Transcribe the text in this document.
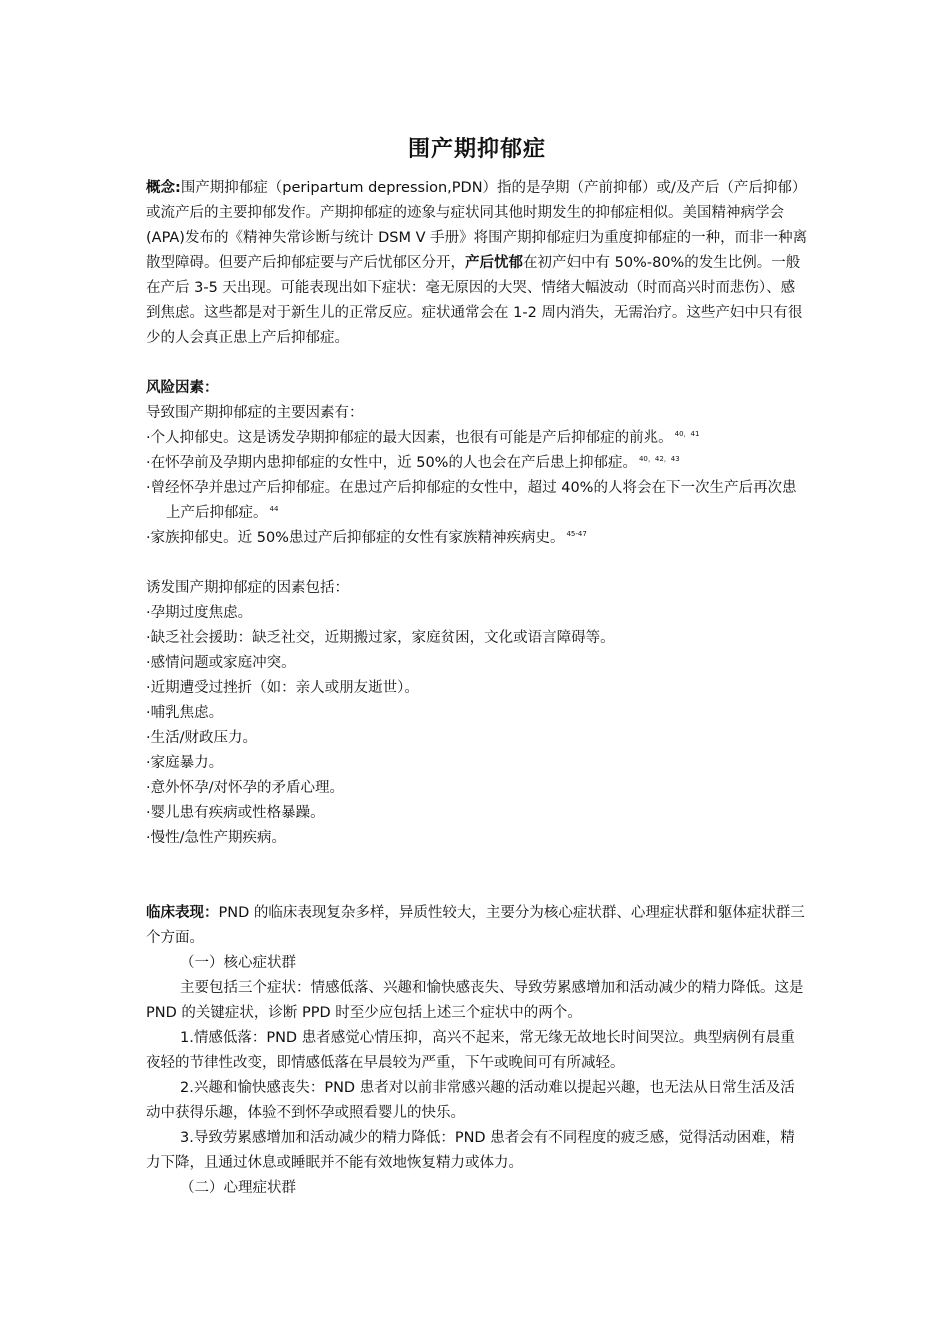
围产期抑郁症

概念:围产期抑郁症（peripartum depression,PDN）指的是孕期（产前抑郁）或/及产后（产后抑郁）或流产后的主要抑郁发作。产期抑郁症的迹象与症状同其他时期发生的抑郁症相似。美国精神病学会(APA)发布的《精神失常诊断与统计 DSM V 手册》将围产期抑郁症归为重度抑郁症的一种，而非一种离散型障碍。但要产后抑郁症要与产后忧郁区分开，产后忧郁在初产妇中有 50%-80%的发生比例。一般在产后 3-5 天出现。可能表现出如下症状：毫无原因的大哭、情绪大幅波动（时而高兴时而悲伤）、感到焦虑。这些都是对于新生儿的正常反应。症状通常会在 1-2 周内消失，无需治疗。这些产妇中只有很少的人会真正患上产后抑郁症。

风险因素：

导致围产期抑郁症的主要因素有：

·个人抑郁史。这是诱发孕期抑郁症的最大因素，也很有可能是产后抑郁症的前兆。 $^{40,41}$

·在怀孕前及孕期内患抑郁症的女性中，近 50%的人也会在产后患上抑郁症。 $^{40,42,43}$

·曾经怀孕并患过产后抑郁症。在患过产后抑郁症的女性中，超过 40%的人将会在下一次生产后再次患上产后抑郁症。 $^{44}$

·家族抑郁史。近 50%患过产后抑郁症的女性有家族精神疾病史。 $^{45-47}$

诱发围产期抑郁症的因素包括：

·孕期过度焦虑。

·缺乏社会援助：缺乏社交，近期搬过家，家庭贫困，文化或语言障碍等。

·感情问题或家庭冲突。

·近期遭受过挫折（如：亲人或朋友逝世）。

·哺乳焦虑。

·生活/财政压力。

·家庭暴力。

·意外怀孕/对怀孕的矛盾心理。

·婴儿患有疾病或性格暴躁。

·慢性/急性产期疾病。

临床表现：PND 的临床表现复杂多样，异质性较大，主要分为核心症状群、心理症状群和躯体症状群三个方面。

（一）核心症状群

主要包括三个症状：情感低落、兴趣和愉快感丧失、导致劳累感增加和活动减少的精力降低。这是 PND 的关键症状，诊断 PPD 时至少应包括上述三个症状中的两个。

1.情感低落：PND 患者感觉心情压抑，高兴不起来，常无缘无故地长时间哭泣。典型病例有晨重夜轻的节律性改变，即情感低落在早晨较为严重，下午或晚间可有所减轻。

2.兴趣和愉快感丧失：PND 患者对以前非常感兴趣的活动难以提起兴趣，也无法从日常生活及活动中获得乐趣，体验不到怀孕或照看婴儿的快乐。

3.导致劳累感增加和活动减少的精力降低：PND 患者会有不同程度的疲乏感，觉得活动困难，精力下降，且通过休息或睡眠并不能有效地恢复精力或体力。

（二）心理症状群
